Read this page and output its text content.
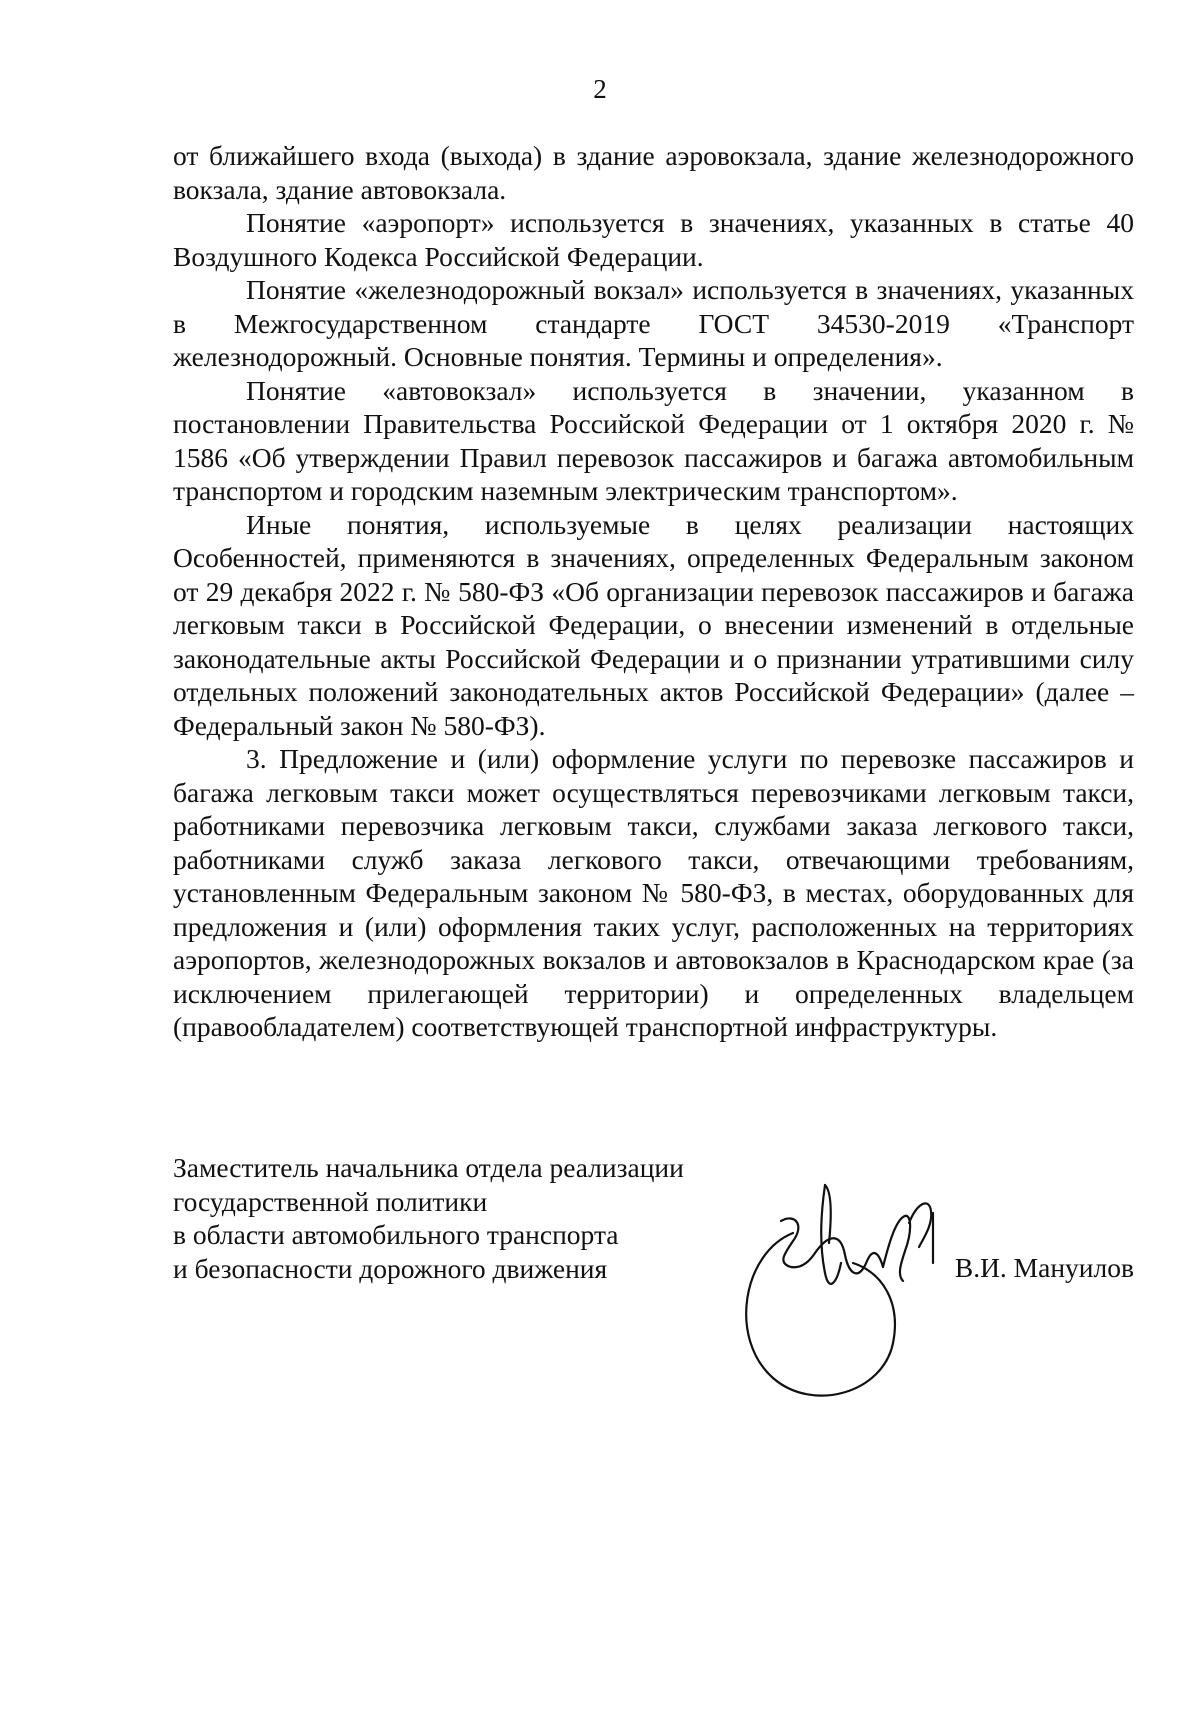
2

от ближайшего входа (выхода) в здание аэровокзала, здание железнодорожного вокзала, здание автовокзала.

Понятие «аэропорт» используется в значениях, указанных в статье 40 Воздушного Кодекса Российской Федерации.

Понятие «железнодорожный вокзал» используется в значениях, указанных в Межгосударственном стандарте ГОСТ 34530-2019 «Транспорт железнодорожный. Основные понятия. Термины и определения».

Понятие «автовокзал» используется в значении, указанном в постановлении Правительства Российской Федерации от 1 октября 2020 г. № 1586 «Об утверждении Правил перевозок пассажиров и багажа автомобильным транспортом и городским наземным электрическим транспортом».

Иные понятия, используемые в целях реализации настоящих Особенностей, применяются в значениях, определенных Федеральным законом от 29 декабря 2022 г. № 580-ФЗ «Об организации перевозок пассажиров и багажа легковым такси в Российской Федерации, о внесении изменений в отдельные законодательные акты Российской Федерации и о признании утратившими силу отдельных положений законодательных актов Российской Федерации» (далее – Федеральный закон № 580-ФЗ).

3. Предложение и (или) оформление услуги по перевозке пассажиров и багажа легковым такси может осуществляться перевозчиками легковым такси, работниками перевозчика легковым такси, службами заказа легкового такси, работниками служб заказа легкового такси, отвечающими требованиям, установленным Федеральным законом № 580-ФЗ, в местах, оборудованных для предложения и (или) оформления таких услуг, расположенных на территориях аэропортов, железнодорожных вокзалов и автовокзалов в Краснодарском крае (за исключением прилегающей территории) и определенных владельцем (правообладателем) соответствующей транспортной инфраструктуры.

Заместитель начальника отдела реализации
государственной политики
в области автомобильного транспорта
и безопасности дорожного движения	В.И. Мануилов
